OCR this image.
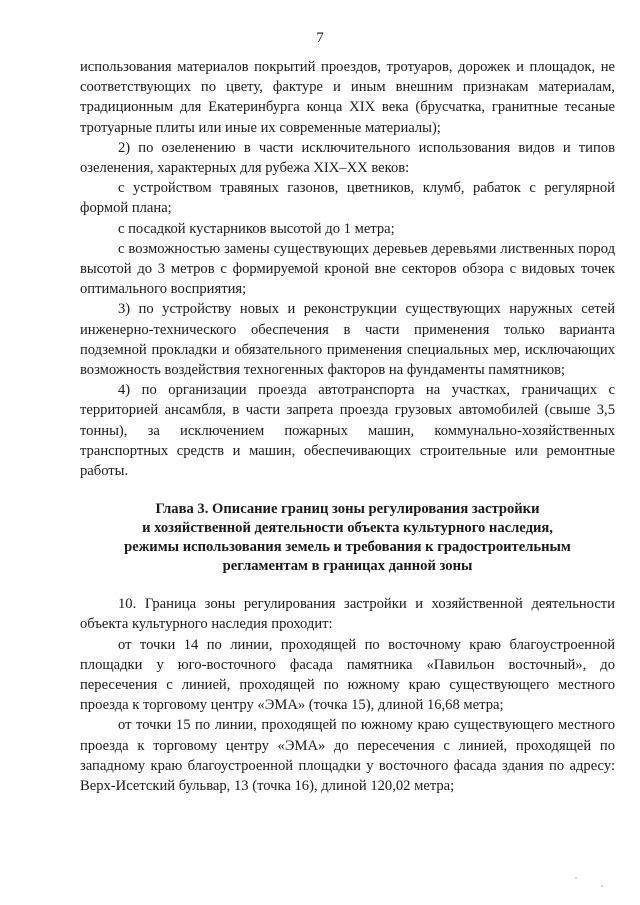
7

использования материалов покрытий проездов, тротуаров, дорожек и площадок, не соответствующих по цвету, фактуре и иным внешним признакам материалам, традиционным для Екатеринбурга конца XIX века (брусчатка, гранитные тесаные тротуарные плиты или иные их современные материалы);

2) по озеленению в части исключительного использования видов и типов озеленения, характерных для рубежа XIX–XX веков:

с устройством травяных газонов, цветников, клумб, рабаток с регулярной формой плана;

с посадкой кустарников высотой до 1 метра;

с возможностью замены существующих деревьев деревьями лиственных пород высотой до 3 метров с формируемой кроной вне секторов обзора с видовых точек оптимального восприятия;

3) по устройству новых и реконструкции существующих наружных сетей инженерно-технического обеспечения в части применения только варианта подземной прокладки и обязательного применения специальных мер, исключающих возможность воздействия техногенных факторов на фундаменты памятников;

4) по организации проезда автотранспорта на участках, граничащих с территорией ансамбля, в части запрета проезда грузовых автомобилей (свыше 3,5 тонны), за исключением пожарных машин, коммунально-хозяйственных транспортных средств и машин, обеспечивающих строительные или ремонтные работы.

Глава 3. Описание границ зоны регулирования застройки
и хозяйственной деятельности объекта культурного наследия,
режимы использования земель и требования к градостроительным
регламентам в границах данной зоны

10. Граница зоны регулирования застройки и хозяйственной деятельности объекта культурного наследия проходит:

от точки 14 по линии, проходящей по восточному краю благоустроенной площадки у юго-восточного фасада памятника «Павильон восточный», до пересечения с линией, проходящей по южному краю существующего местного проезда к торговому центру «ЭМА» (точка 15), длиной 16,68 метра;

от точки 15 по линии, проходящей по южному краю существующего местного проезда к торговому центру «ЭМА» до пересечения с линией, проходящей по западному краю благоустроенной площадки у восточного фасада здания по адресу: Верх-Исетский бульвар, 13 (точка 16), длиной 120,02 метра;
